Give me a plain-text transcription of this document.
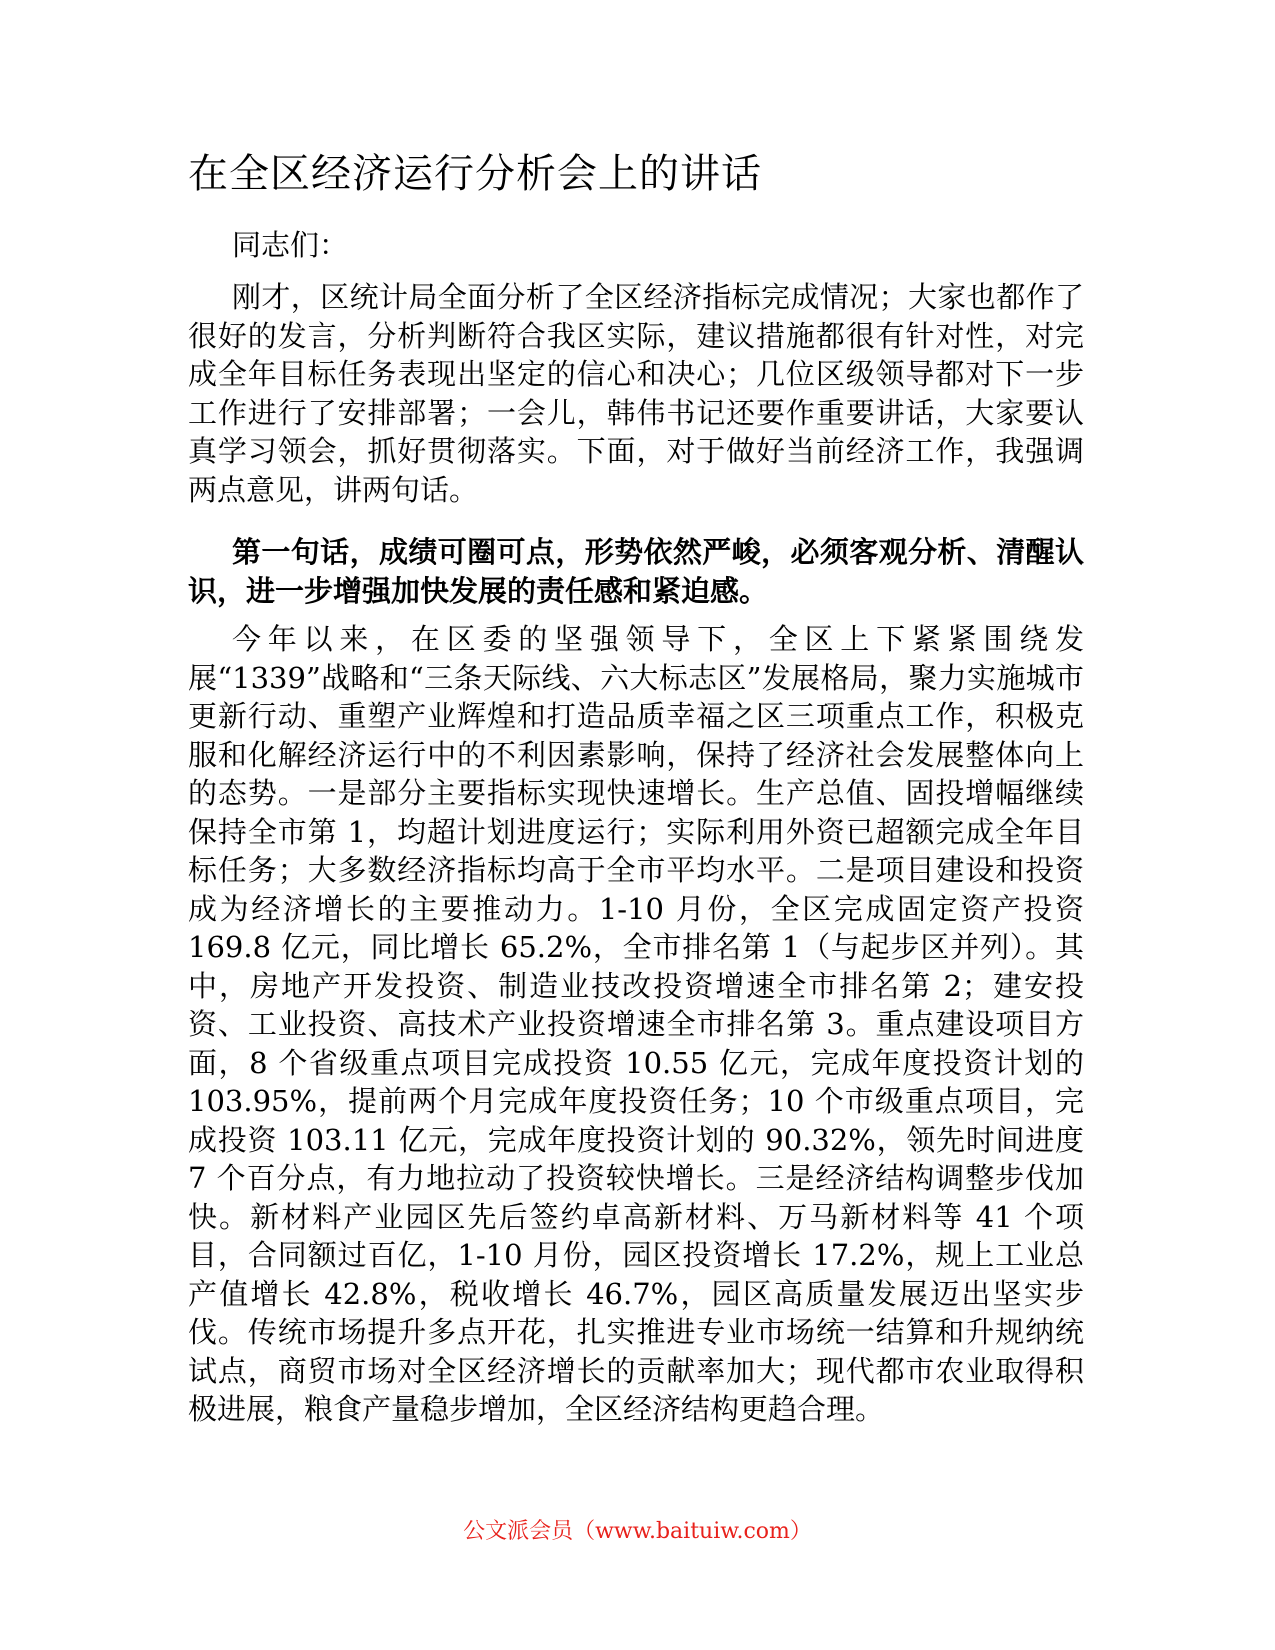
在全区经济运行分析会上的讲话

同志们：

刚才，区统计局全面分析了全区经济指标完成情况；大家也都作了很好的发言，分析判断符合我区实际，建议措施都很有针对性，对完成全年目标任务表现出坚定的信心和决心；几位区级领导都对下一步工作进行了安排部署；一会儿，韩伟书记还要作重要讲话，大家要认真学习领会，抓好贯彻落实。下面，对于做好当前经济工作，我强调两点意见，讲两句话。

第一句话，成绩可圈可点，形势依然严峻，必须客观分析、清醒认识，进一步增强加快发展的责任感和紧迫感。

今年以来，在区委的坚强领导下，全区上下紧紧围绕发展“1339”战略和“三条天际线、六大标志区”发展格局，聚力实施城市更新行动、重塑产业辉煌和打造品质幸福之区三项重点工作，积极克服和化解经济运行中的不利因素影响，保持了经济社会发展整体向上的态势。一是部分主要指标实现快速增长。生产总值、固投增幅继续保持全市第 1，均超计划进度运行；实际利用外资已超额完成全年目标任务；大多数经济指标均高于全市平均水平。二是项目建设和投资成为经济增长的主要推动力。1-10 月份，全区完成固定资产投资 169.8 亿元，同比增长 65.2%，全市排名第 1（与起步区并列）。其中，房地产开发投资、制造业技改投资增速全市排名第 2；建安投资、工业投资、高技术产业投资增速全市排名第 3。重点建设项目方面，8 个省级重点项目完成投资 10.55 亿元，完成年度投资计划的 103.95%，提前两个月完成年度投资任务；10 个市级重点项目，完成投资 103.11 亿元，完成年度投资计划的 90.32%，领先时间进度 7 个百分点，有力地拉动了投资较快增长。三是经济结构调整步伐加快。新材料产业园区先后签约卓高新材料、万马新材料等 41 个项目，合同额过百亿，1-10 月份，园区投资增长 17.2%，规上工业总产值增长 42.8%，税收增长 46.7%，园区高质量发展迈出坚实步伐。传统市场提升多点开花，扎实推进专业市场统一结算和升规纳统试点，商贸市场对全区经济增长的贡献率加大；现代都市农业取得积极进展，粮食产量稳步增加，全区经济结构更趋合理。

公文派会员（www.baituiw.com）
